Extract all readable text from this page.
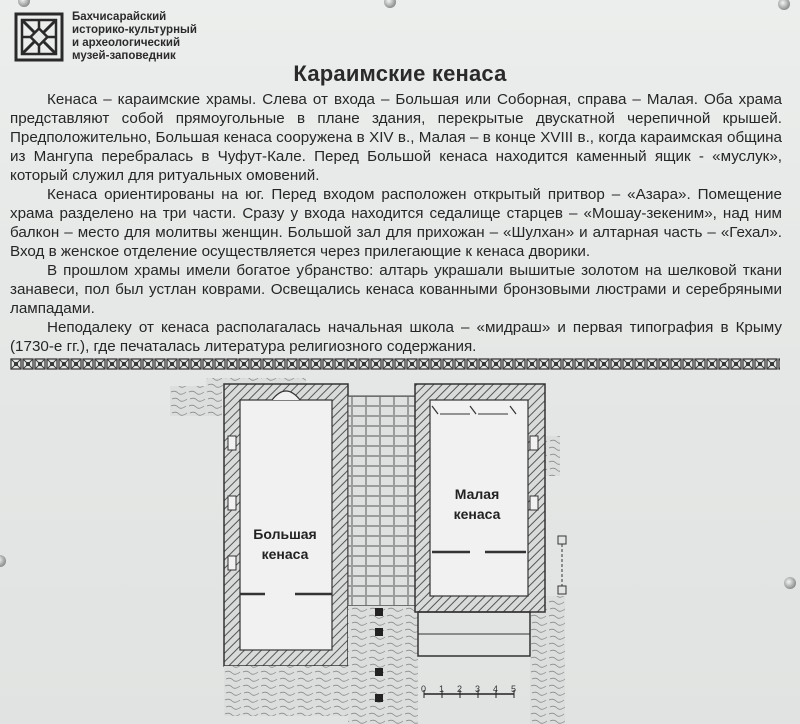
Бахчисарайский
историко-культурный
и археологический
музей-заповедник
Караимские кенаса

Кенаса – караимские храмы. Слева от входа – Большая или Соборная, справа – Малая. Оба храма представляют собой прямоугольные в плане здания, перекрытые двускатной черепичной крышей. Предположительно, Большая кенаса сооружена в XIV в., Малая – в конце XVIII в., когда караимская община из Мангупа перебралась в Чуфут-Кале. Перед Большой кенаса находится каменный ящик - «муслук», который служил для ритуальных омовений.

Кенаса ориентированы на юг. Перед входом расположен открытый притвор – «Азара». Помещение храма разделено на три части. Сразу у входа находится седалище старцев – «Мошау-зекеним», над ним балкон – место для молитвы женщин. Большой зал для прихожан – «Шулхан» и алтарная часть – «Гехал». Вход в женское отделение осуществляется через прилегающие к кенаса дворики.

В прошлом храмы имели богатое убранство: алтарь украшали вышитые золотом на шелковой ткани занавеси, пол был устлан коврами. Освещались кенаса кованными бронзовыми люстрами и серебряными лампадами.

Неподалеку от кенаса располагалась начальная школа – «мидраш» и первая типография в Крыму (1730-е гг.), где печаталась литература религиозного содержания.

Большая
кенаса
Малая
кенаса
0 1 2 3 4 5
